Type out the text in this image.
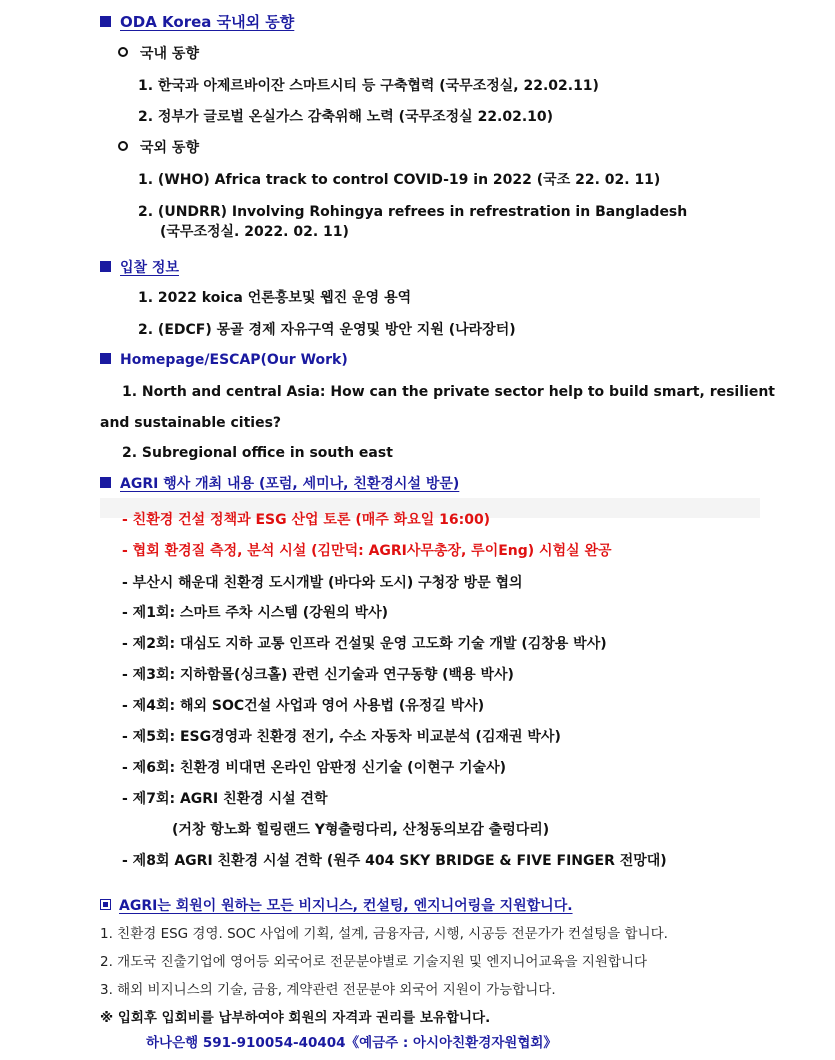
ODA Korea 국내외 동향
국내 동향
1. 한국과 아제르바이잔 스마트시티 등 구축협력 (국무조정실, 22.02.11)
2. 정부가 글로벌 온실가스 감축위해 노력 (국무조정실 22.02.10)
국외 동향
1. (WHO) Africa track to control COVID-19 in 2022 (국조 22. 02. 11)
2. (UNDRR) Involving Rohingya refrees in refrestration in Bangladesh
(국무조정실. 2022. 02. 11)
입찰 정보
1. 2022 koica 언론홍보및 웹진 운영 용역
2. (EDCF) 몽골 경제 자유구역 운영및 방안 지원 (나라장터)
Homepage/ESCAP(Our Work)
1. North and central Asia: How can the private sector help to build smart, resilient
and sustainable cities?
2. Subregional office in south east
AGRI 행사 개최 내용 (포럼, 세미나, 친환경시설 방문)
- 친환경 건설 정책과 ESG 산업 토론 (매주 화요일 16:00)
- 협회 환경질 측정, 분석 시설 (김만덕: AGRI사무총장, 루이Eng) 시험실 완공
- 부산시 해운대 친환경 도시개발 (바다와 도시) 구청장 방문 협의
- 제1회: 스마트 주차 시스템 (강원의 박사)
- 제2회: 대심도 지하 교통 인프라 건설및 운영 고도화 기술 개발 (김창용 박사)
- 제3회: 지하함몰(싱크홀) 관련 신기술과 연구동향 (백용 박사)
- 제4회: 해외 SOC건설 사업과 영어 사용법 (유정길 박사)
- 제5회: ESG경영과 친환경 전기, 수소 자동차 비교분석 (김재권 박사)
- 제6회: 친환경 비대면 온라인 암판정 신기술 (이현구 기술사)
- 제7회: AGRI 친환경 시설 견학
(거창 항노화 힐링랜드 Y형출렁다리, 산청동의보감 출렁다리)
- 제8회 AGRI 친환경 시설 견학 (원주 404 SKY BRIDGE & FIVE FINGER 전망대)
AGRI는 회원이 원하는 모든 비지니스, 컨설팅, 엔지니어링을 지원합니다.
1. 친환경 ESG 경영. SOC 사업에 기획, 설계, 금융자금, 시행, 시공등 전문가가 컨설팅을 합니다.
2. 개도국 진출기업에 영어등 외국어로 전문분야별로 기술지원 및 엔지니어교육을 지원합니다
3. 해외 비지니스의 기술, 금융, 계약관련 전문분야 외국어 지원이 가능합니다.
※ 입회후 입회비를 납부하여야 회원의 자격과 권리를 보유합니다.
하나은행 591-910054-40404《예금주 : 아시아친환경자원협회》
